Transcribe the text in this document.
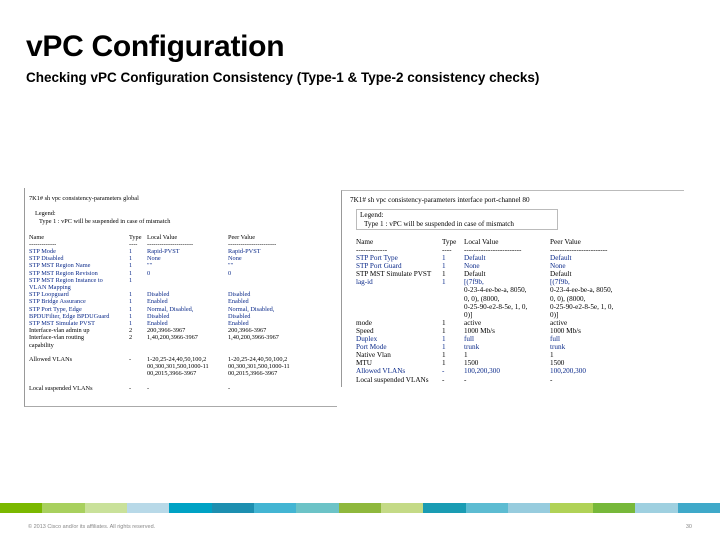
vPC Configuration
Checking vPC Configuration Consistency (Type-1 & Type-2 consistency checks)
7K1# sh vpc consistency-parameters global
Legend:
Type 1 : vPC will be suspended in case of mismatch
Name	Type Local Value	Peer Value
-------------	---- ----------------------	-----------------------
STP Mode	1 Rapid-PVST	Rapid-PVST
STP Disabled	1 None	None
STP MST Region Name	1 ""	""
STP MST Region Revision	1 0	0
STP MST Region Instance to	1
VLAN Mapping
STP Loopguard	1 Disabled	Disabled
STP Bridge Assurance	1 Enabled	Enabled
STP Port Type, Edge	1 Normal, Disabled,	Normal, Disabled,
BPDUFilter, Edge BPDUGuard	1 Disabled	Disabled
STP MST Simulate PVST	1 Enabled	Enabled
Interface-vlan admin up	2 200,3966-3967	200,3966-3967
Interface-vlan routing	2 1,40,200,3966-3967	1,40,200,3966-3967
capability
Allowed VLANs	-	1-20,25-24,40,50,100,2	1-20,25-24,40,50,100,2
00,300,301,500,1000-11	00,300,301,500,1000-11
00,2015,3966-3967	00,2015,3966-3967
Local suspended VLANs	-	-	-
7K1# sh vpc consistency-parameters interface port-channel 80
Legend:
Type 1 : vPC will be suspended in case of mismatch
Name	Type Local Value	Peer Value
-------------	---- ------------------------	------------------------
STP Port Type	1	Default	Default
STP Port Guard	1	None	None
STP MST Simulate PVST 1	Default	Default
lag-id	1	[(7f9b,	[(7f9b,
0-23-4-ee-be-a, 8050,	0-23-4-ee-be-a, 8050,
0, 0), (8000,	0, 0), (8000,
0-25-90-e2-8-5e, 1, 0,	0-25-90-e2-8-5e, 1, 0,
0)]	0)]
mode	1	active	active
Speed	1	1000 Mb/s	1000 Mb/s
Duplex	1	full	full
Port Mode	1	trunk	trunk
Native Vlan	1	1	1
MTU	1	1500	1500
Allowed VLANs	-	100,200,300	100,200,300
Local suspended VLANs -	-	-
© 2013 Cisco and/or its affiliates. All rights reserved.	30
